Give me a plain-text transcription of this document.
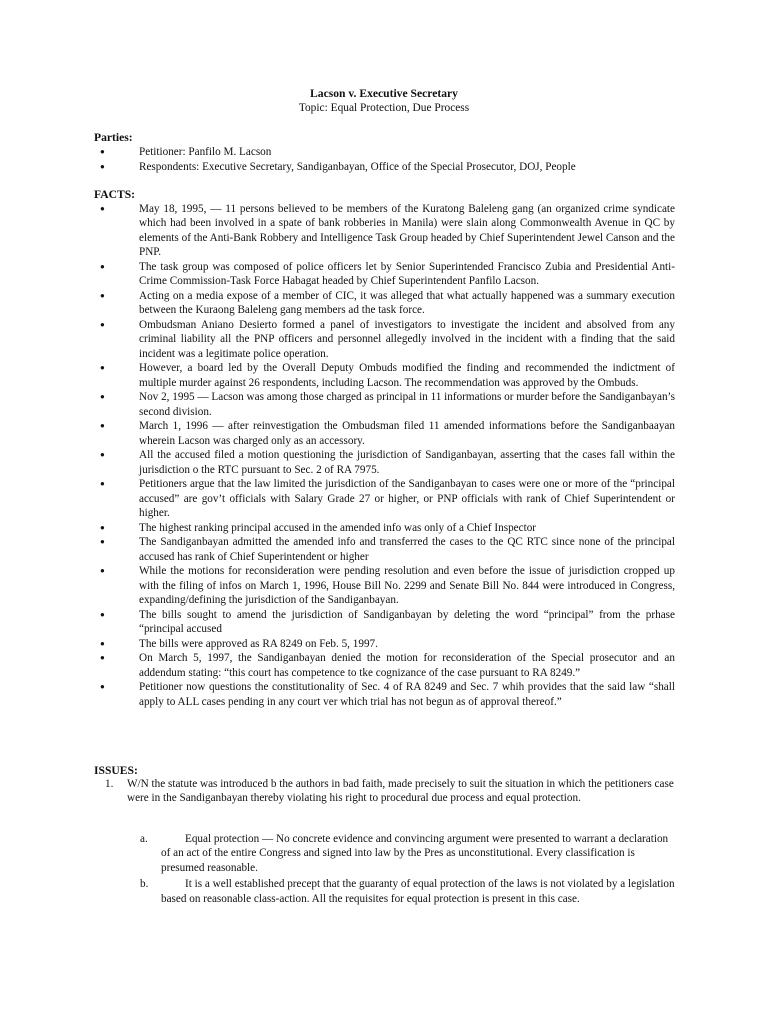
Lacson v. Executive Secretary
Topic: Equal Protection, Due Process
Parties:
●	Petitioner: Panfilo M. Lacson
●	Respondents: Executive Secretary, Sandiganbayan, Office of the Special Prosecutor, DOJ, People
FACTS:
●	May 18, 1995, — 11 persons believed to be members of the Kuratong Baleleng gang (an organized crime syndicate which had been involved in a spate of bank robberies in Manila) were slain along Commonwealth Avenue in QC by elements of the Anti-Bank Robbery and Intelligence Task Group headed by Chief Superintendent Jewel Canson and the PNP.
●	The task group was composed of police officers let by Senior Superintended Francisco Zubia and Presidential Anti-Crime Commission-Task Force Habagat headed by Chief Superintendent Panfilo Lacson.
●	Acting on a media expose of a member of CIC, it was alleged that what actually happened was a summary execution between the Kuraong Baleleng gang members ad the task force.
●	Ombudsman Aniano Desierto formed a panel of investigators to investigate the incident and absolved from any criminal liability all the PNP officers and personnel allegedly involved in the incident with a finding that the said incident was a legitimate police operation.
●	However, a board led by the Overall Deputy Ombuds modified the finding and recommended the indictment of multiple murder against 26 respondents, including Lacson. The recommendation was approved by the Ombuds.
●	Nov 2, 1995 — Lacson was among those charged as principal in 11 informations or murder before the Sandiganbayan’s second division.
●	March 1, 1996 — after reinvestigation the Ombudsman filed 11 amended informations before the Sandiganbaayan wherein Lacson was charged only as an accessory.
●	All the accused filed a motion questioning the jurisdiction of Sandiganbayan, asserting that the cases fall within the jurisdiction o the RTC pursuant to Sec. 2 of RA 7975.
●	Petitioners argue that the law limited the jurisdiction of the Sandiganbayan to cases were one or more of the “principal accused” are gov’t officials with Salary Grade 27 or higher, or PNP officials with rank of Chief Superintendent or higher.
●	The highest ranking principal accused in the amended info was only of a Chief Inspector
●	The Sandiganbayan admitted the amended info and transferred the cases to the QC RTC since none of the principal accused has rank of Chief Superintendent or higher
●	While the motions for reconsideration were pending resolution and even before the issue of jurisdiction cropped up with the filing of infos on March 1, 1996, House Bill No. 2299 and Senate Bill No. 844 were introduced in Congress, expanding/defining the jurisdiction of the Sandiganbayan.
●	The bills sought to amend the jurisdiction of Sandiganbayan by deleting the word “principal” from the prhase “principal accused
●	The bills were approved as RA 8249 on Feb. 5, 1997.
●	On March 5, 1997, the Sandiganbayan denied the motion for reconsideration of the Special prosecutor and an addendum stating: “this court has competence to tke cognizance of the case pursuant to RA 8249.”
●	Petitioner now questions the constitutionality of Sec. 4 of RA 8249 and Sec. 7 whih provides that the said law “shall apply to ALL cases pending in any court ver which trial has not begun as of approval thereof.”
ISSUES:
1. W/N the statute was introduced b the authors in bad faith, made precisely to suit the situation in which the petitioners case were in the Sandiganbayan thereby violating his right to procedural due process and equal protection.
a.	Equal protection — No concrete evidence and convincing argument were presented to warrant a declaration of an act of the entire Congress and signed into law by the Pres as unconstitutional. Every classification is presumed reasonable.
b.	It is a well established precept that the guaranty of equal protection of the laws is not violated by a legislation based on reasonable class-action. All the requisites for equal protection is present in this case.
